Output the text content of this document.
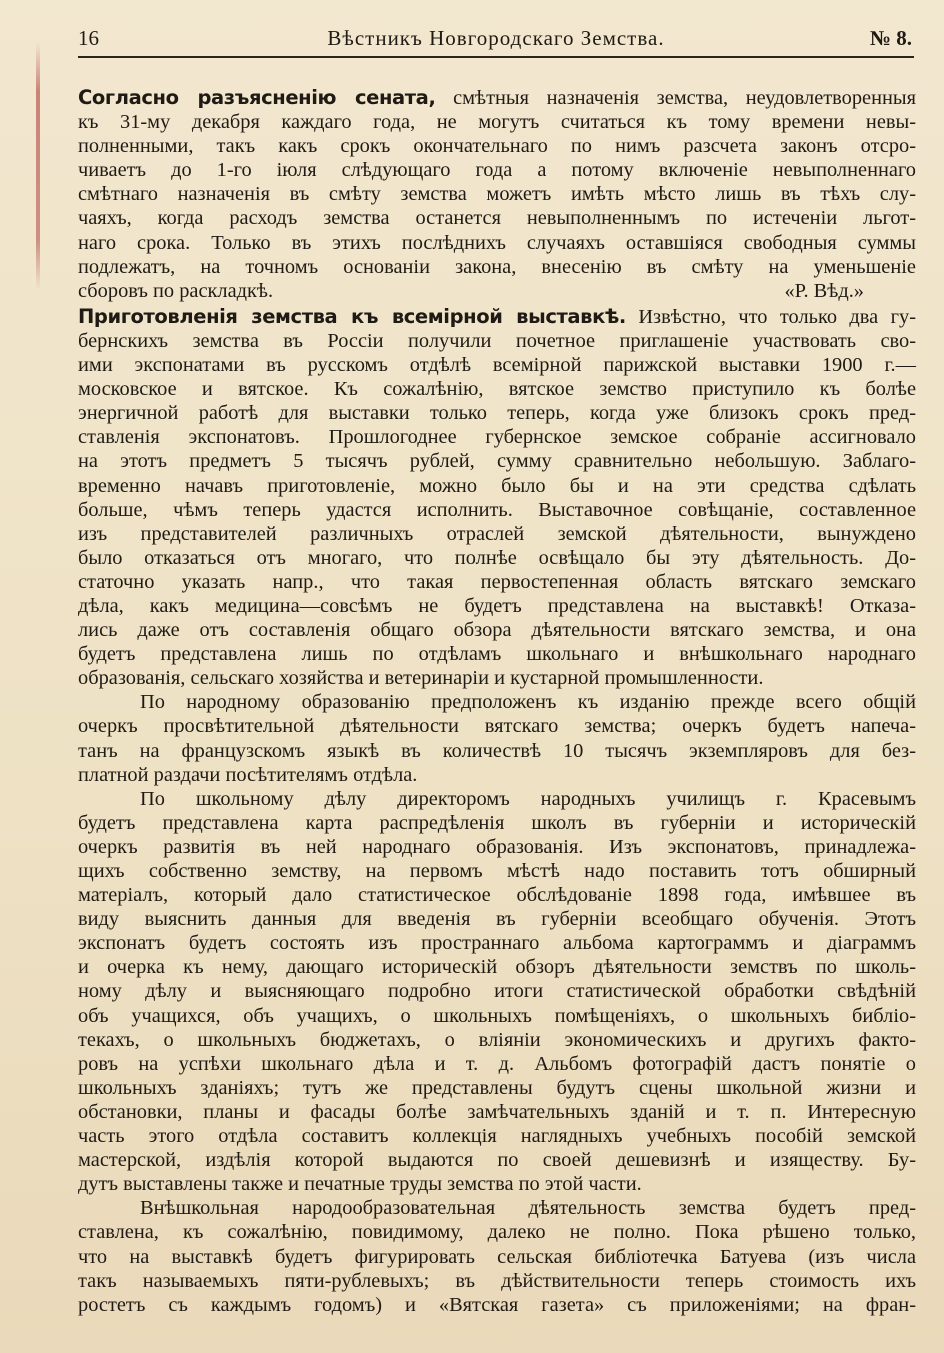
16	Вѣстникъ Новгородскаго Земства.	№ 8.

Согласно разъясненію сената, смѣтныя назначенія земства, неудовлетворенныя

къ 31-му декабря каждаго года, не могутъ считаться къ тому времени невы-

полненными, такъ какъ срокъ окончательнаго по нимъ разсчета законъ отсро-

чиваетъ до 1-го іюля слѣдующаго года а потому включеніе невыполненнаго

смѣтнаго назначенія въ смѣту земства можетъ имѣть мѣсто лишь въ тѣхъ слу-

чаяхъ, когда расходъ земства останется невыполненнымъ по истеченіи льгот-

наго срока. Только въ этихъ послѣднихъ случаяхъ оставшіяся свободныя суммы

подлежатъ, на точномъ основаніи закона, внесенію въ смѣту на уменьшеніе

сборовъ по раскладкѣ.	«Р. Вѣд.»

Приготовленія земства къ всемірной выставкѣ. Извѣстно, что только два гу-

бернскихъ земства въ Россіи получили почетное приглашеніе участвовать сво-

ими экспонатами въ русскомъ отдѣлѣ всемірной парижской выставки 1900 г.—

московское и вятское. Къ сожалѣнію, вятское земство приступило къ болѣе

энергичной работѣ для выставки только теперь, когда уже близокъ срокъ пред-

ставленія экспонатовъ. Прошлогоднее губернское земское собраніе ассигновало

на этотъ предметъ 5 тысячъ рублей, сумму сравнительно небольшую. Заблаго-

временно начавъ приготовленіе, можно было бы и на эти средства сдѣлать

больше, чѣмъ теперь удастся исполнить. Выставочное совѣщаніе, составленное

изъ представителей различныхъ отраслей земской дѣятельности, вынуждено

было отказаться отъ многаго, что полнѣе освѣщало бы эту дѣятельность. До-

статочно указать напр., что такая первостепенная область вятскаго земскаго

дѣла, какъ медицина—совсѣмъ не будетъ представлена на выставкѣ! Отказа-

лись даже отъ составленія общаго обзора дѣятельности вятскаго земства, и она

будетъ представлена лишь по отдѣламъ школьнаго и внѣшкольнаго народнаго

образованія, сельскаго хозяйства и ветеринаріи и кустарной промышленности.

По народному образованію предположенъ къ изданію прежде всего общій

очеркъ просвѣтительной дѣятельности вятскаго земства; очеркъ будетъ напеча-

танъ на французскомъ языкѣ въ количествѣ 10 тысячъ экземпляровъ для без-

платной раздачи посѣтителямъ отдѣла.

По школьному дѣлу директоромъ народныхъ училищъ г. Красевымъ

будетъ представлена карта распредѣленія школъ въ губерніи и историческій

очеркъ развитія въ ней народнаго образованія. Изъ экспонатовъ, принадлежа-

щихъ собственно земству, на первомъ мѣстѣ надо поставить тотъ обширный

матеріалъ, который дало статистическое обслѣдованіе 1898 года, имѣвшее въ

виду выяснить данныя для введенія въ губерніи всеобщаго обученія. Этотъ

экспонатъ будетъ состоять изъ пространнаго альбома картограммъ и діаграммъ

и очерка къ нему, дающаго историческій обзоръ дѣятельности земствъ по школь-

ному дѣлу и выясняющаго подробно итоги статистической обработки свѣдѣній

объ учащихся, объ учащихъ, о школьныхъ помѣщеніяхъ, о школьныхъ библіо-

текахъ, о школьныхъ бюджетахъ, о вліяніи экономическихъ и другихъ факто-

ровъ на успѣхи школьнаго дѣла и т. д. Альбомъ фотографій дастъ понятіе о

школьныхъ зданіяхъ; тутъ же представлены будутъ сцены школьной жизни и

обстановки, планы и фасады болѣе замѣчательныхъ зданій и т. п. Интересную

часть этого отдѣла составитъ коллекція наглядныхъ учебныхъ пособій земской

мастерской, издѣлія которой выдаются по своей дешевизнѣ и изяществу. Бу-

дутъ выставлены также и печатные труды земства по этой части.

Внѣшкольная народообразовательная дѣятельность земства будетъ пред-

ставлена, къ сожалѣнію, повидимому, далеко не полно. Пока рѣшено только,

что на выставкѣ будетъ фигурировать сельская библіотечка Батуева (изъ числа

такъ называемыхъ пяти-рублевыхъ; въ дѣйствительности теперь стоимость ихъ

ростетъ съ каждымъ годомъ) и «Вятская газета» съ приложеніями; на фран-
